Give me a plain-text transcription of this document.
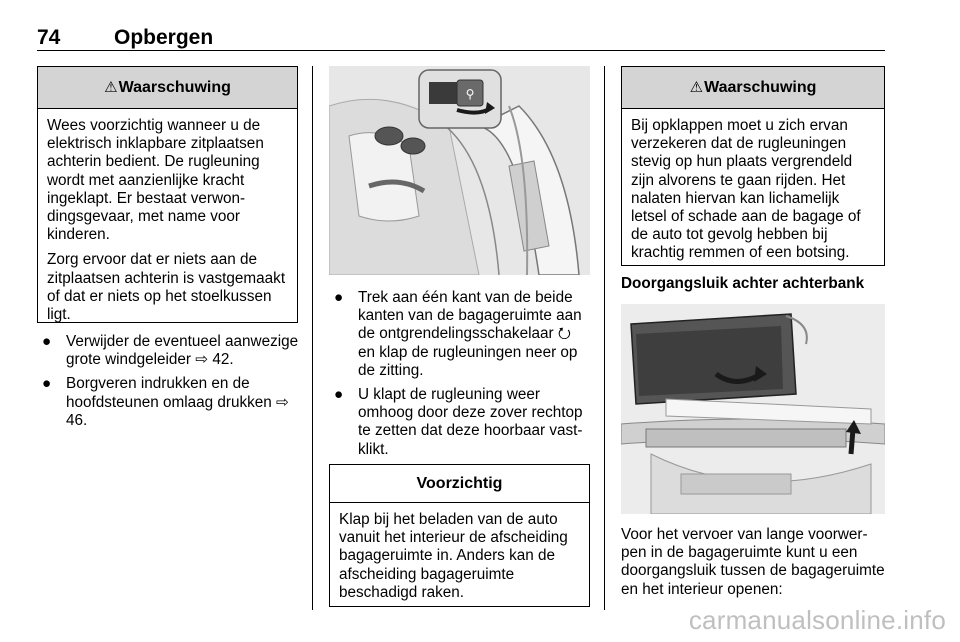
74	Opbergen
⚠Waarschuwing

Wees voorzichtig wanneer u de elektrisch inklapbare zitplaatsen achterin bedient. De rugleuning wordt met aanzienlijke kracht ingeklapt. Er bestaat verwondingsgevaar, met name voor kinderen.

Zorg ervoor dat er niets aan de zitplaatsen achterin is vastgemaakt of dat er niets op het stoelkussen ligt.

● Verwijder de eventueel aanwezige grote windgeleider ⇨ 42.
● Borgveren indrukken en de hoofdsteunen omlaag drukken ⇨ 46.
⚲
● Trek aan één kant van de beide kanten van de bagageruimte aan de ontgrendelingsschakelaar ⭮ en klap de rugleuningen neer op de zitting.
● U klapt de rugleuning weer omhoog door deze zover rechtop te zetten dat deze hoorbaar vastklikt.
Voorzichtig

Klap bij het beladen van de auto vanuit het interieur de afscheiding bagageruimte in. Anders kan de afscheiding bagageruimte beschadigd raken.

⚠Waarschuwing

Bij opklappen moet u zich ervan verzekeren dat de rugleuningen stevig op hun plaats vergrendeld zijn alvorens te gaan rijden. Het nalaten hiervan kan lichamelijk letsel of schade aan de bagage of de auto tot gevolg hebben bij krachtig remmen of een botsing.

Doorgangsluik achter achterbank
Voor het vervoer van lange voorwerpen in de bagageruimte kunt u een doorgangsluik tussen de bagageruimte en het interieur openen:
carmanualsonline.info
